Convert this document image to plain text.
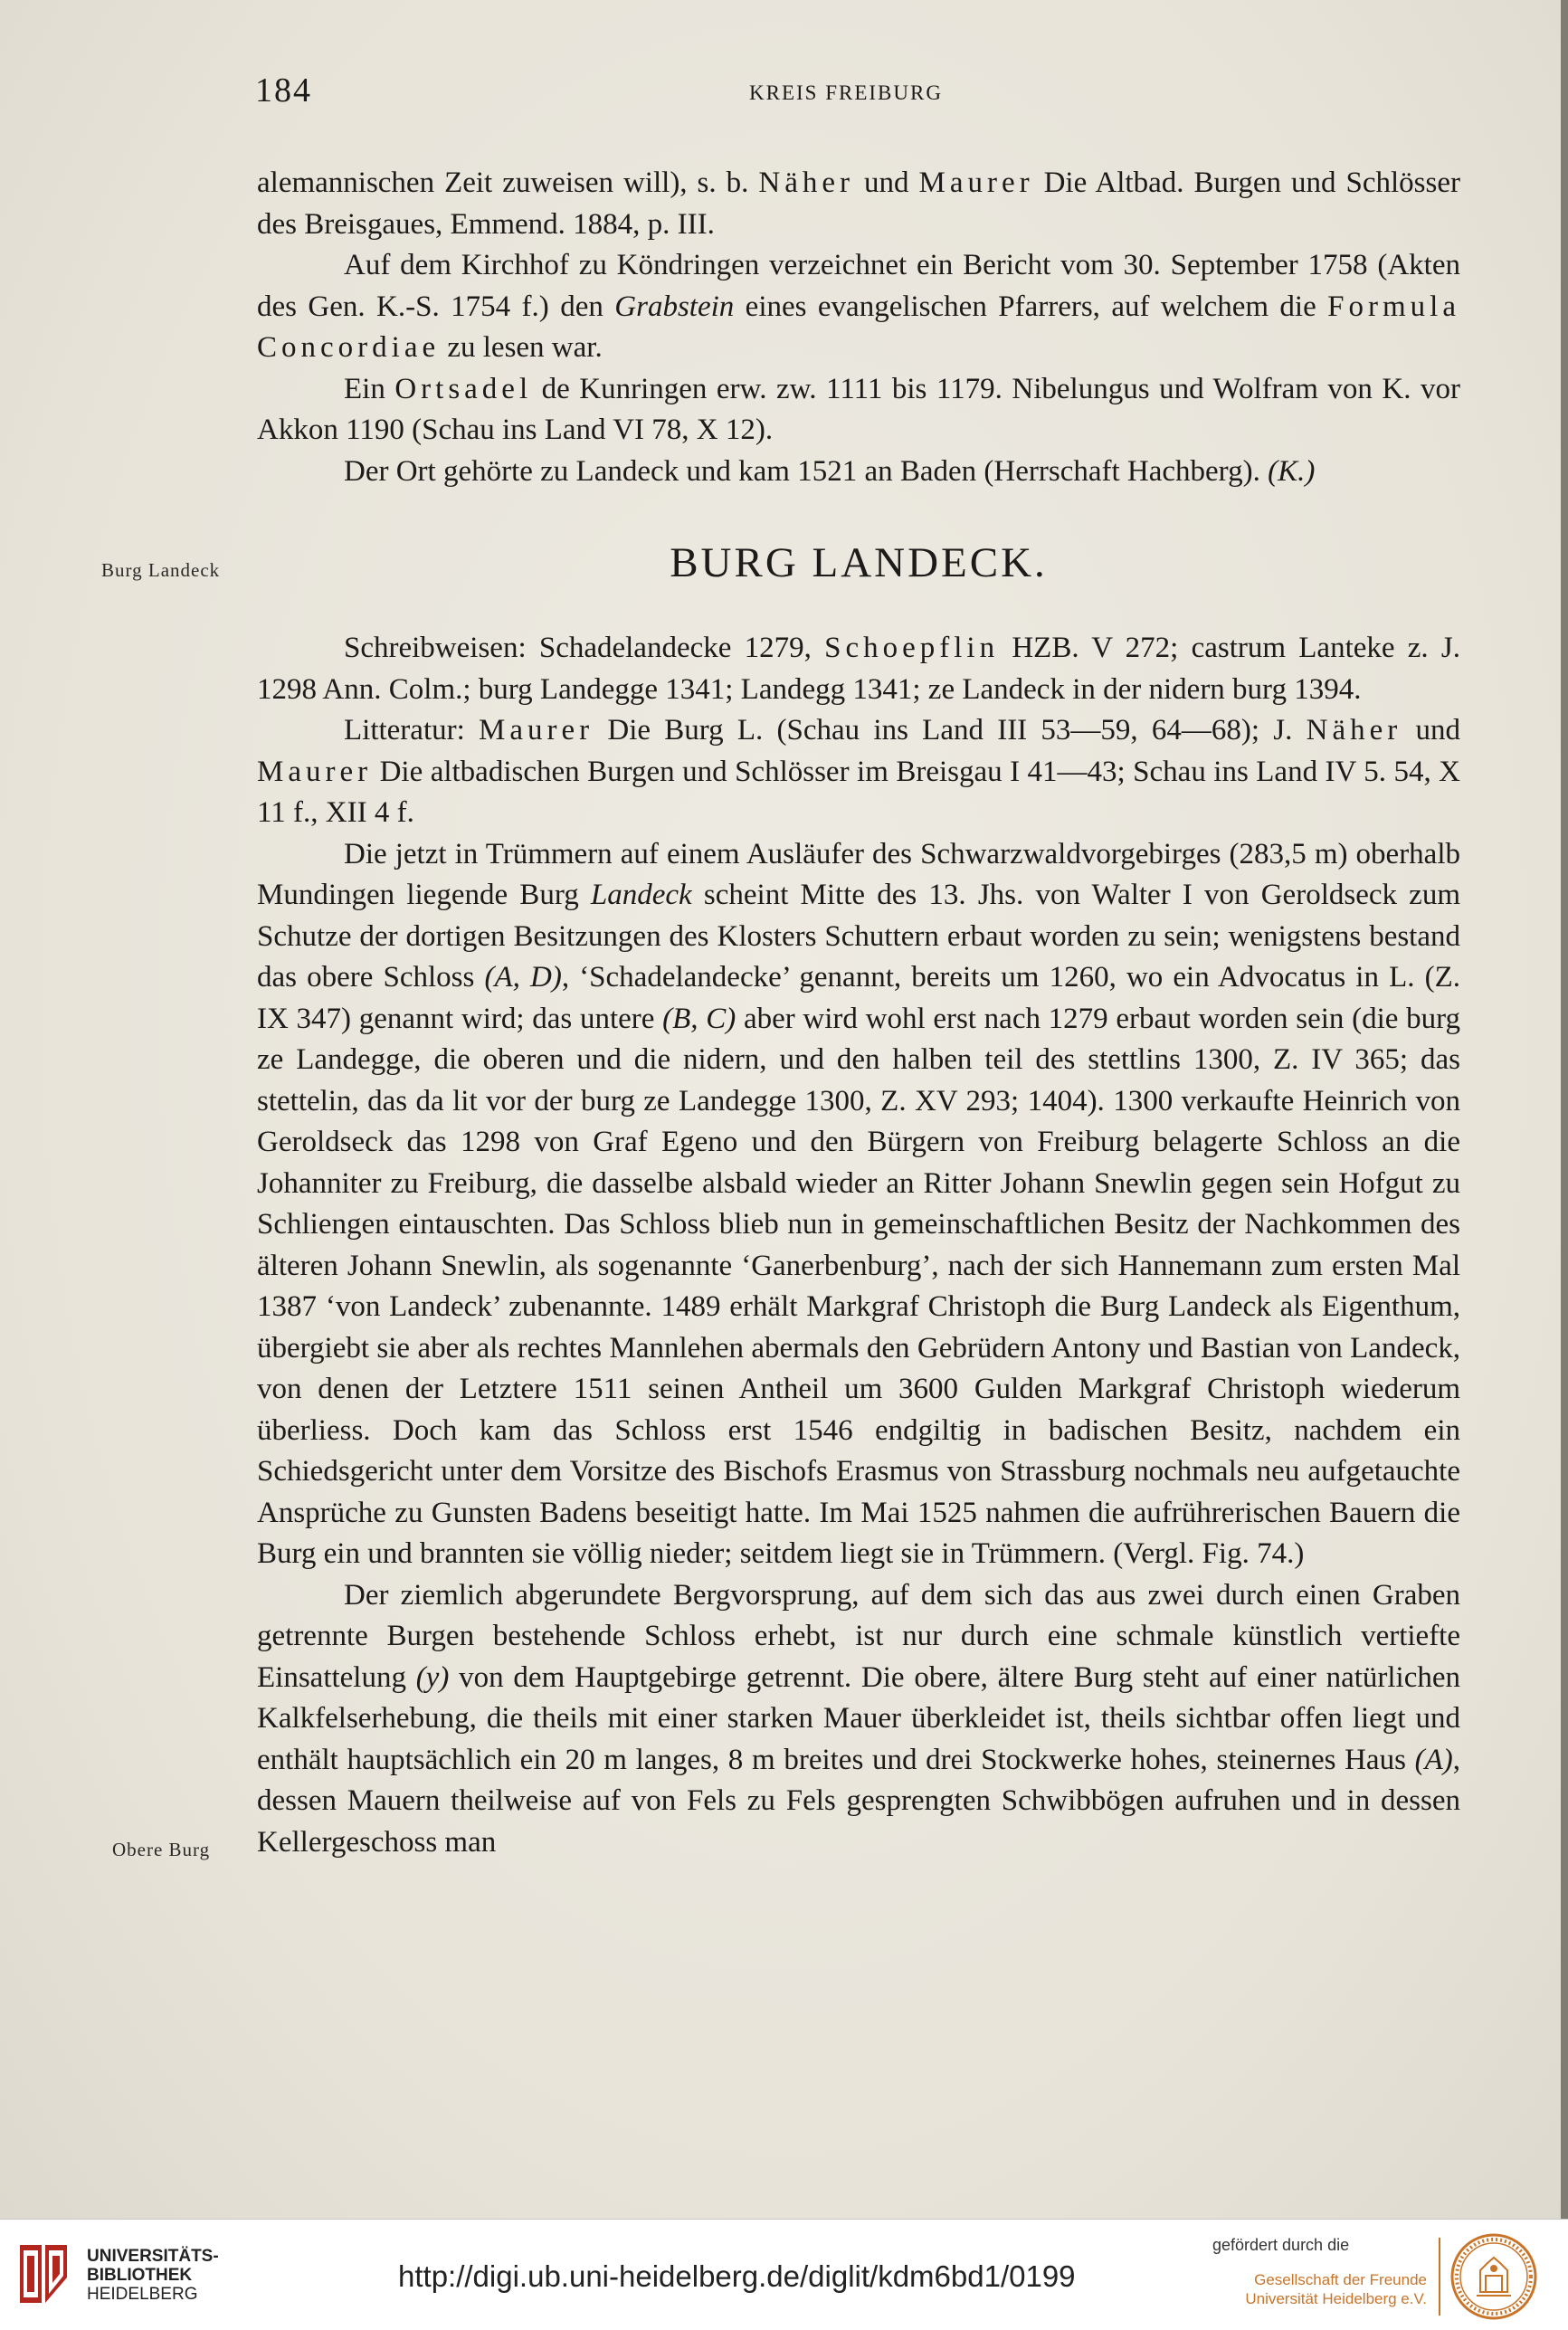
184	KREIS FREIBURG
Burg Landeck
Obere Burg

alemannischen Zeit zuweisen will), s. b. Näher und Maurer Die Altbad. Burgen und Schlösser des Breisgaues, Emmend. 1884, p. III.

Auf dem Kirchhof zu Köndringen verzeichnet ein Bericht vom 30. September 1758 (Akten des Gen. K.-S. 1754 f.) den Grabstein eines evangelischen Pfarrers, auf welchem die Formula Concordiae zu lesen war.

Ein Ortsadel de Kunringen erw. zw. 1111 bis 1179. Nibelungus und Wolfram von K. vor Akkon 1190 (Schau ins Land VI 78, X 12).

Der Ort gehörte zu Landeck und kam 1521 an Baden (Herrschaft Hachberg). (K.)

BURG LANDECK.

Schreibweisen: Schadelandecke 1279, Schoepflin HZB. V 272; castrum Lanteke z. J. 1298 Ann. Colm.; burg Landegge 1341; Landegg 1341; ze Landeck in der nidern burg 1394.

Litteratur: Maurer Die Burg L. (Schau ins Land III 53—59, 64—68); J. Näher und Maurer Die altbadischen Burgen und Schlösser im Breisgau I 41—43; Schau ins Land IV 5. 54, X 11 f., XII 4 f.

Die jetzt in Trümmern auf einem Ausläufer des Schwarzwaldvorgebirges (283,5 m) oberhalb Mundingen liegende Burg Landeck scheint Mitte des 13. Jhs. von Walter I von Geroldseck zum Schutze der dortigen Besitzungen des Klosters Schuttern erbaut worden zu sein; wenigstens bestand das obere Schloss (A, D), ‘Schadelandecke’ genannt, bereits um 1260, wo ein Advocatus in L. (Z. IX 347) genannt wird; das untere (B, C) aber wird wohl erst nach 1279 erbaut worden sein (die burg ze Landegge, die oberen und die nidern, und den halben teil des stettlins 1300, Z. IV 365; das stettelin, das da lit vor der burg ze Landegge 1300, Z. XV 293; 1404). 1300 verkaufte Heinrich von Geroldseck das 1298 von Graf Egeno und den Bürgern von Freiburg belagerte Schloss an die Johanniter zu Freiburg, die dasselbe alsbald wieder an Ritter Johann Snewlin gegen sein Hofgut zu Schliengen eintauschten. Das Schloss blieb nun in gemeinschaftlichen Besitz der Nachkommen des älteren Johann Snewlin, als sogenannte ‘Ganerbenburg’, nach der sich Hannemann zum ersten Mal 1387 ‘von Landeck’ zubenannte. 1489 erhält Markgraf Christoph die Burg Landeck als Eigenthum, übergiebt sie aber als rechtes Mannlehen abermals den Gebrüdern Antony und Bastian von Landeck, von denen der Letztere 1511 seinen Antheil um 3600 Gulden Markgraf Christoph wiederum überliess. Doch kam das Schloss erst 1546 endgiltig in badischen Besitz, nachdem ein Schiedsgericht unter dem Vorsitze des Bischofs Erasmus von Strassburg nochmals neu aufgetauchte Ansprüche zu Gunsten Badens beseitigt hatte. Im Mai 1525 nahmen die aufrührerischen Bauern die Burg ein und brannten sie völlig nieder; seitdem liegt sie in Trümmern. (Vergl. Fig. 74.)

Der ziemlich abgerundete Bergvorsprung, auf dem sich das aus zwei durch einen Graben getrennte Burgen bestehende Schloss erhebt, ist nur durch eine schmale künstlich vertiefte Einsattelung (y) von dem Hauptgebirge getrennt. Die obere, ältere Burg steht auf einer natürlichen Kalkfelserhebung, die theils mit einer starken Mauer überkleidet ist, theils sichtbar offen liegt und enthält hauptsächlich ein 20 m langes, 8 m breites und drei Stockwerke hohes, steinernes Haus (A), dessen Mauern theilweise auf von Fels zu Fels gesprengten Schwibbögen aufruhen und in dessen Kellergeschoss man

UNIVERSITÄTS-
BIBLIOTHEK
HEIDELBERG
http://digi.ub.uni-heidelberg.de/diglit/kdm6bd1/0199
gefördert durch die
Gesellschaft der Freunde
Universität Heidelberg e.V.
